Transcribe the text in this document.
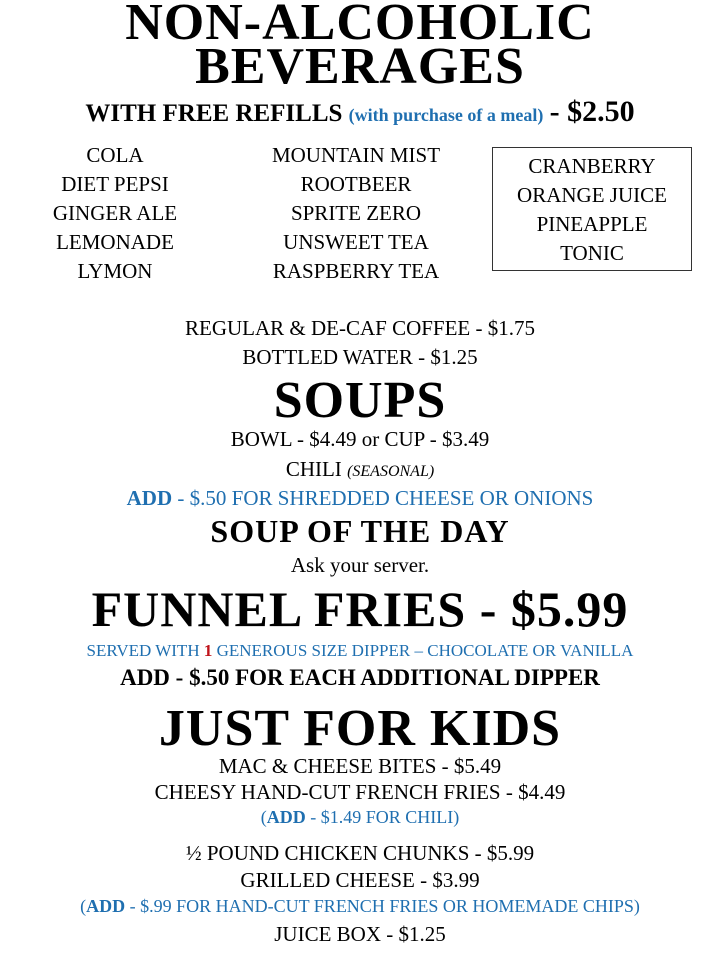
NON-ALCOHOLIC
BEVERAGES
WITH FREE REFILLS (with purchase of a meal) - $2.50
COLA
DIET PEPSI
GINGER ALE
LEMONADE
LYMON
MOUNTAIN MIST
ROOTBEER
SPRITE ZERO
UNSWEET TEA
RASPBERRY TEA
CRANBERRY
ORANGE JUICE
PINEAPPLE
TONIC
REGULAR & DE-CAF COFFEE - $1.75
BOTTLED WATER - $1.25
SOUPS
BOWL - $4.49 or CUP - $3.49
CHILI (SEASONAL)
ADD - $.50 FOR SHREDDED CHEESE OR ONIONS
SOUP OF THE DAY
Ask your server.
FUNNEL FRIES - $5.99
SERVED WITH 1 GENEROUS SIZE DIPPER – CHOCOLATE OR VANILLA
ADD - $.50 FOR EACH ADDITIONAL DIPPER
JUST FOR KIDS
MAC & CHEESE BITES - $5.49
CHEESY HAND-CUT FRENCH FRIES - $4.49
(ADD - $1.49 FOR CHILI)
½ POUND CHICKEN CHUNKS - $5.99
GRILLED CHEESE - $3.99
(ADD - $.99 FOR HAND-CUT FRENCH FRIES OR HOMEMADE CHIPS)
JUICE BOX - $1.25
